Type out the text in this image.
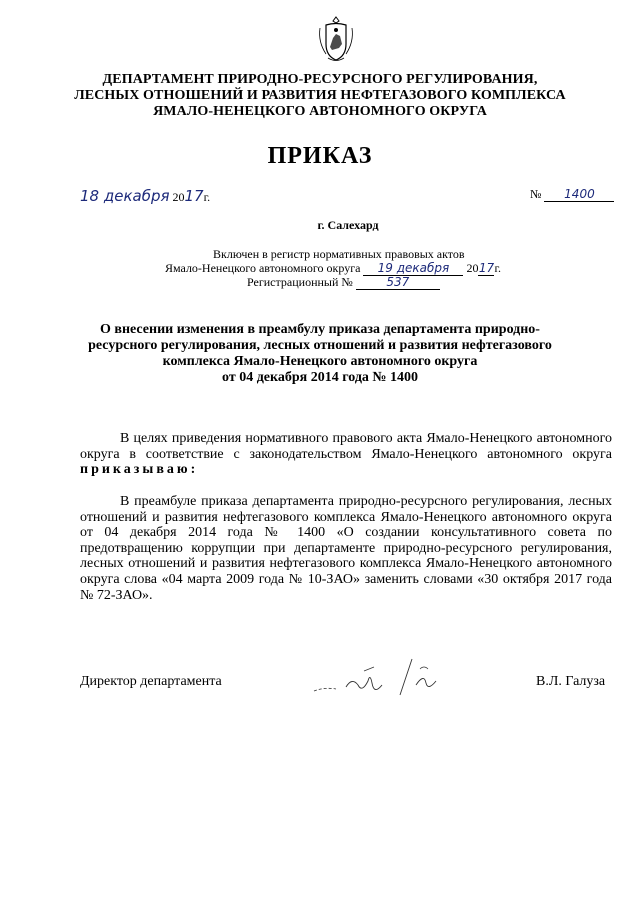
ДЕПАРТАМЕНТ ПРИРОДНО-РЕСУРСНОГО РЕГУЛИРОВАНИЯ,
ЛЕСНЫХ ОТНОШЕНИЙ И РАЗВИТИЯ НЕФТЕГАЗОВОГО КОМПЛЕКСА
ЯМАЛО-НЕНЕЦКОГО АВТОНОМНОГО ОКРУГА
ПРИКАЗ
18 декабря 2017г.	№ 1400
г. Салехард
Включен в регистр нормативных правовых актов
Ямало-Ненецкого автономного округа 19 декабря 2017г.
Регистрационный №	537
О внесении изменения в преамбулу приказа департамента природно-
ресурсного регулирования, лесных отношений и развития нефтегазового
комплекса Ямало-Ненецкого автономного округа
от 04 декабря 2014 года № 1400

В целях приведения нормативного правового акта Ямало-Ненецкого автономного округа в соответствие с законодательством Ямало-Ненецкого автономного округа приказываю:

В преамбуле приказа департамента природно-ресурсного регулирования, лесных отношений и развития нефтегазового комплекса Ямало-Ненецкого автономного округа от 04 декабря 2014 года № 1400 «О создании консультативного совета по предотвращению коррупции при департаменте природно-ресурсного регулирования, лесных отношений и развития нефтегазового комплекса Ямало-Ненецкого автономного округа слова «04 марта 2009 года № 10-ЗАО» заменить словами «30 октября 2017 года № 72-ЗАО».

Директор департамента	В.Л. Галуза
